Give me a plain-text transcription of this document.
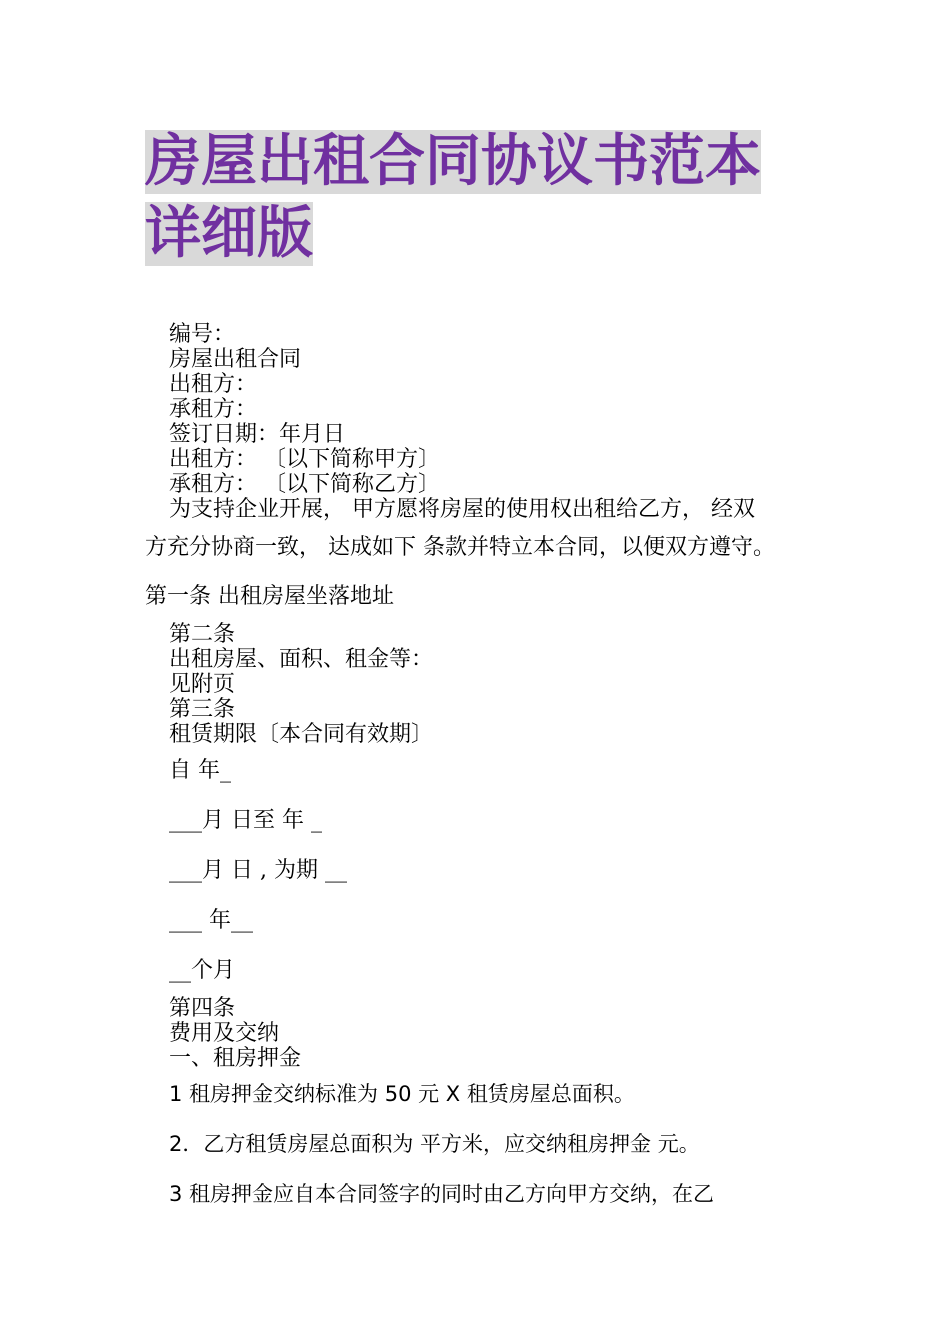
房屋出租合同协议书范本
详细版
编号：
房屋出租合同
出租方：
承租方：
签订日期：年月日
出租方： 〔以下简称甲方〕
承租方： 〔以下简称乙方〕
为支持企业开展， 甲方愿将房屋的使用权出租给乙方， 经双
方充分协商一致， 达成如下 条款并特立本合同，以便双方遵守。
第一条 出租房屋坐落地址
第二条
出租房屋、面积、租金等：
见附页
第三条
租赁期限〔本合同有效期〕
自 年_
___月 日至 年 _
___月 日 , 为期 __
___ 年__
__个月
第四条
费用及交纳
一、租房押金
1 租房押金交纳标准为 50 元 X 租赁房屋总面积。
2．乙方租赁房屋总面积为 平方米，应交纳租房押金 元。
3 租房押金应自本合同签字的同时由乙方向甲方交纳，在乙
